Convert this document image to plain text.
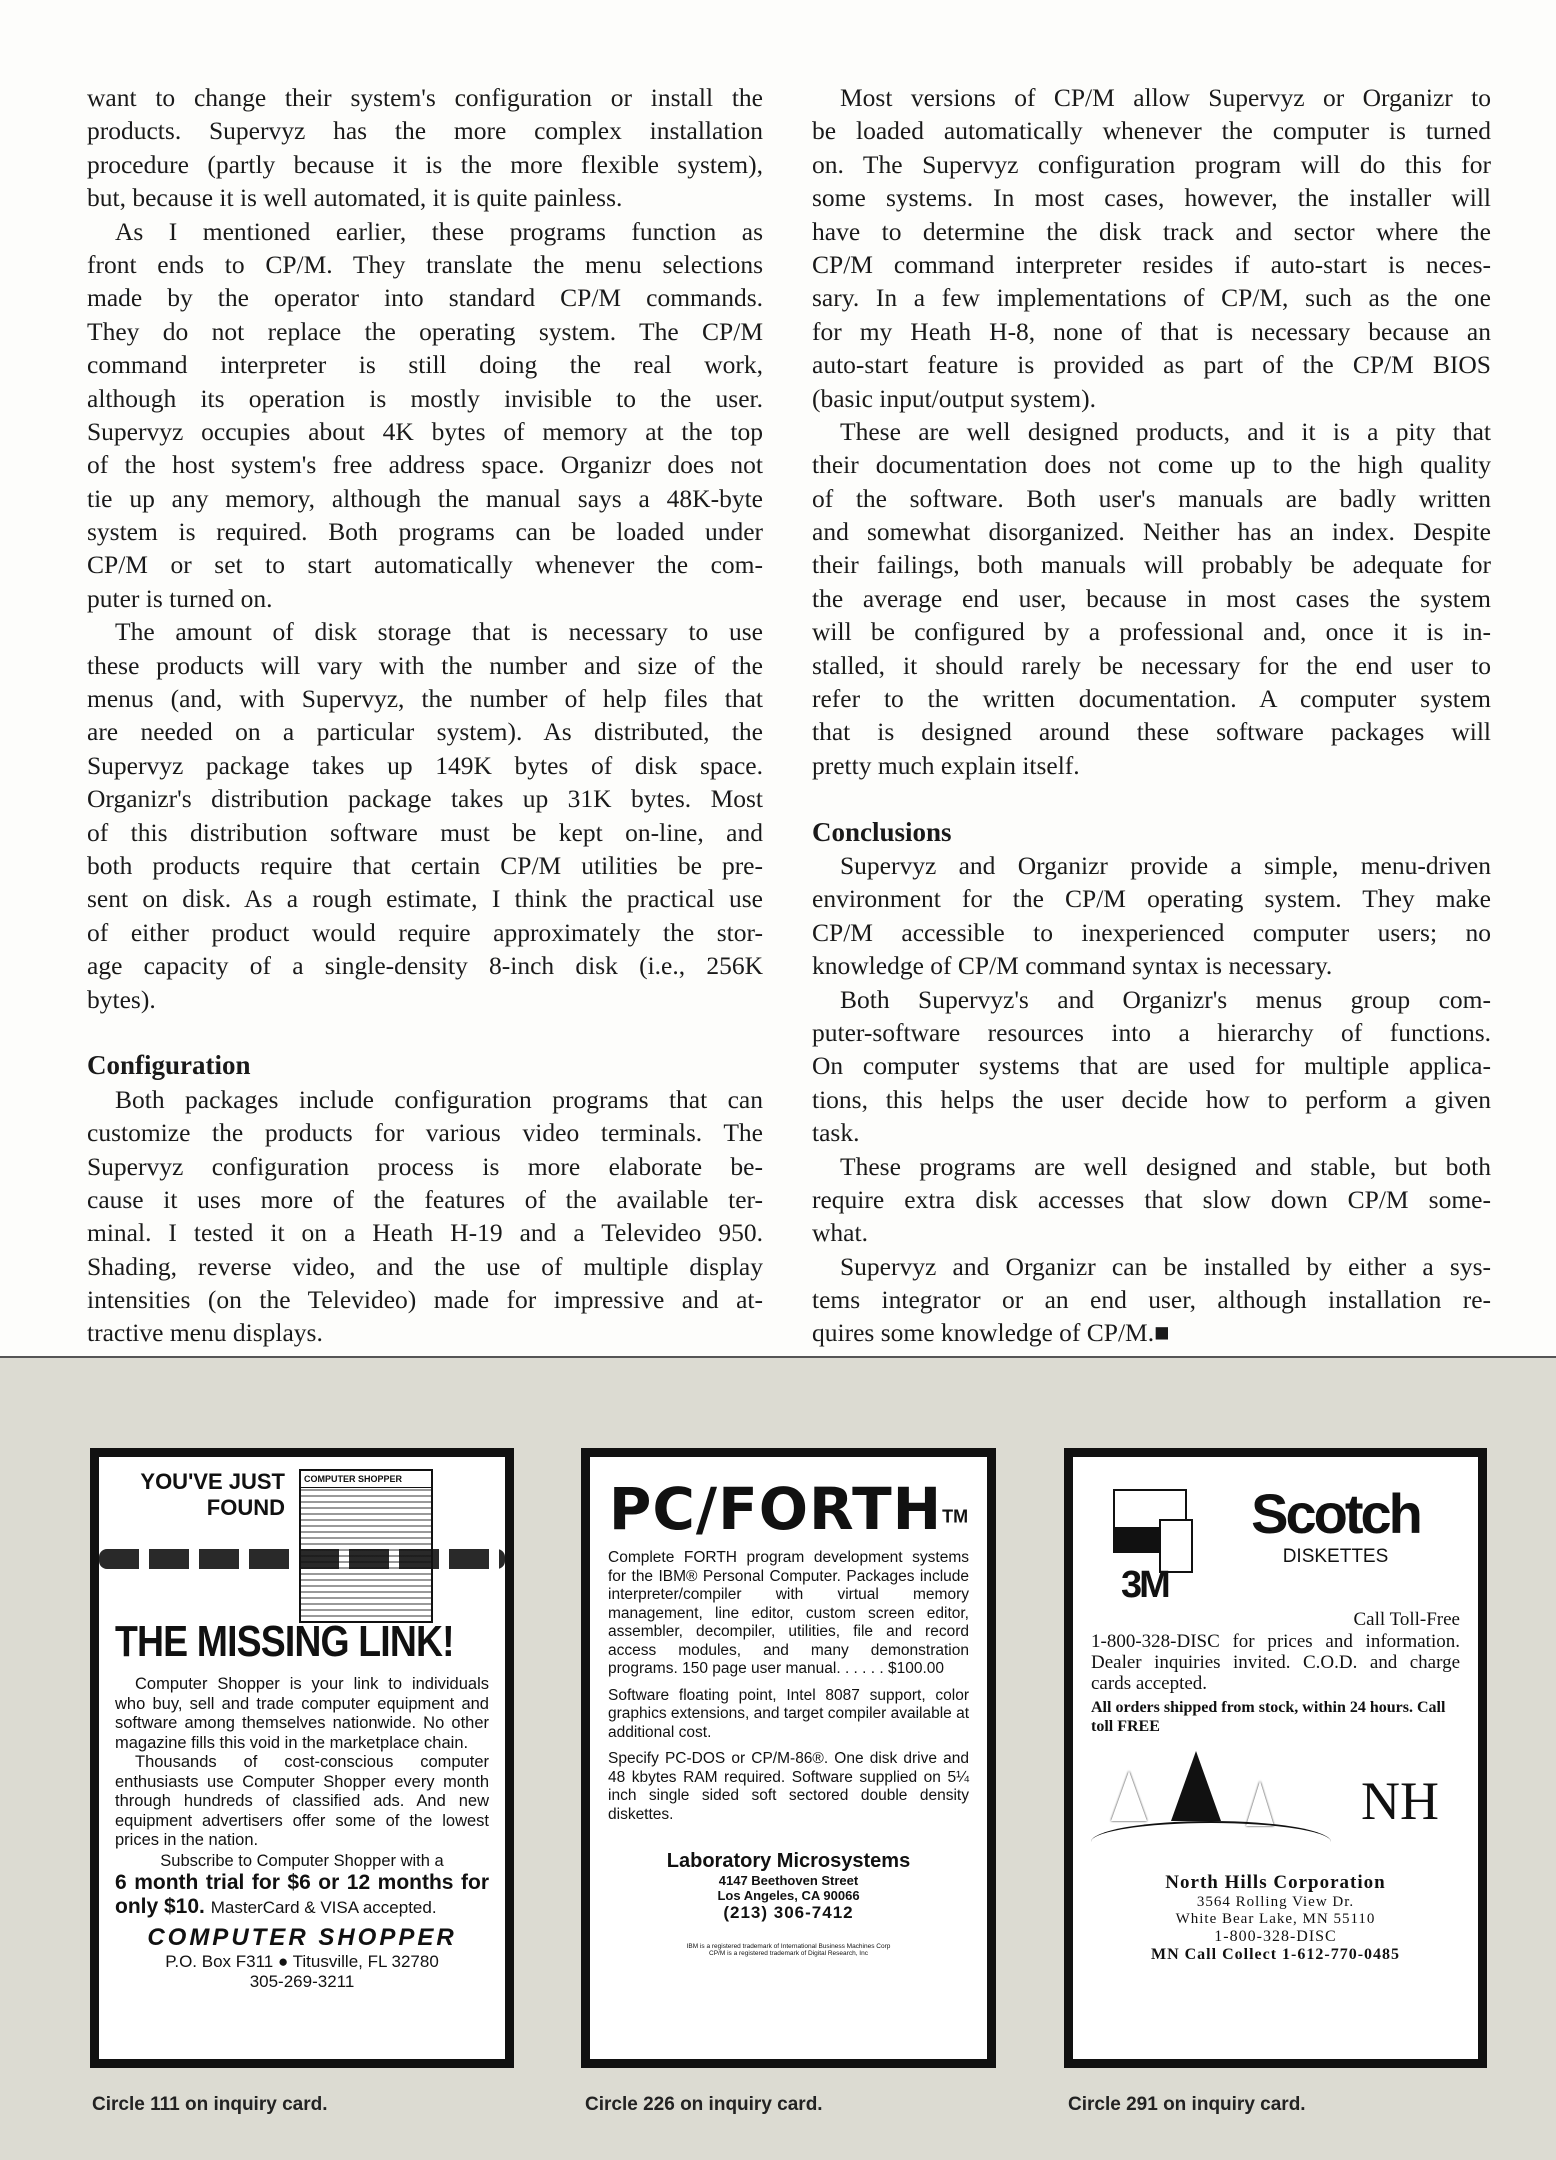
want to change their system's configuration or install the
products. Supervyz has the more complex installation
procedure (partly because it is the more flexible system),
but, because it is well automated, it is quite painless.
As I mentioned earlier, these programs function as
front ends to CP/M. They translate the menu selections
made by the operator into standard CP/M commands.
They do not replace the operating system. The CP/M
command interpreter is still doing the real work,
although its operation is mostly invisible to the user.
Supervyz occupies about 4K bytes of memory at the top
of the host system's free address space. Organizr does not
tie up any memory, although the manual says a 48K-byte
system is required. Both programs can be loaded under
CP/M or set to start automatically whenever the com-
puter is turned on.
The amount of disk storage that is necessary to use
these products will vary with the number and size of the
menus (and, with Supervyz, the number of help files that
are needed on a particular system). As distributed, the
Supervyz package takes up 149K bytes of disk space.
Organizr's distribution package takes up 31K bytes. Most
of this distribution software must be kept on-line, and
both products require that certain CP/M utilities be pre-
sent on disk. As a rough estimate, I think the practical use
of either product would require approximately the stor-
age capacity of a single-density 8-inch disk (i.e., 256K
bytes).
Configuration
Both packages include configuration programs that can
customize the products for various video terminals. The
Supervyz configuration process is more elaborate be-
cause it uses more of the features of the available ter-
minal. I tested it on a Heath H-19 and a Televideo 950.
Shading, reverse video, and the use of multiple display
intensities (on the Televideo) made for impressive and at-
tractive menu displays.
Most versions of CP/M allow Supervyz or Organizr to
be loaded automatically whenever the computer is turned
on. The Supervyz configuration program will do this for
some systems. In most cases, however, the installer will
have to determine the disk track and sector where the
CP/M command interpreter resides if auto-start is neces-
sary. In a few implementations of CP/M, such as the one
for my Heath H-8, none of that is necessary because an
auto-start feature is provided as part of the CP/M BIOS
(basic input/output system).
These are well designed products, and it is a pity that
their documentation does not come up to the high quality
of the software. Both user's manuals are badly written
and somewhat disorganized. Neither has an index. Despite
their failings, both manuals will probably be adequate for
the average end user, because in most cases the system
will be configured by a professional and, once it is in-
stalled, it should rarely be necessary for the end user to
refer to the written documentation. A computer system
that is designed around these software packages will
pretty much explain itself.
Conclusions
Supervyz and Organizr provide a simple, menu-driven
environment for the CP/M operating system. They make
CP/M accessible to inexperienced computer users; no
knowledge of CP/M command syntax is necessary.
Both Supervyz's and Organizr's menus group com-
puter-software resources into a hierarchy of functions.
On computer systems that are used for multiple applica-
tions, this helps the user decide how to perform a given
task.
These programs are well designed and stable, but both
require extra disk accesses that slow down CP/M some-
what.
Supervyz and Organizr can be installed by either a sys-
tems integrator or an end user, although installation re-
quires some knowledge of CP/M.■
YOU'VE JUST FOUND
COMPUTER SHOPPER
THE MISSING LINK!
Computer Shopper is your link to individuals who buy, sell and trade computer equipment and software among themselves nationwide. No other magazine fills this void in the marketplace chain.
Thousands of cost-conscious computer enthusiasts use Computer Shopper every month through hundreds of classified ads. And new equipment advertisers offer some of the lowest prices in the nation.
Subscribe to Computer Shopper with a
6 month trial for $6 or 12 months for only $10. MasterCard & VISA accepted.
COMPUTER SHOPPER
P.O. Box F311 ● Titusville, FL 32780
305-269-3211
Circle 111 on inquiry card.
PC/FORTH™
Complete FORTH program development systems for the IBM® Personal Computer. Packages include interpreter/compiler with virtual memory management, line editor, custom screen editor, assembler, decompiler, utilities, file and record access modules, and many demonstration programs. 150 page user manual. . . . . . $100.00
Software floating point, Intel 8087 support, color graphics extensions, and target compiler available at additional cost.
Specify PC-DOS or CP/M-86®. One disk drive and 48 kbytes RAM required. Software supplied on 5¼ inch single sided soft sectored double density diskettes.
Laboratory Microsystems
4147 Beethoven Street
Los Angeles, CA 90066
(213) 306-7412
IBM is a registered trademark of International Business Machines Corp
CP/M is a registered trademark of Digital Research, Inc
Circle 226 on inquiry card.
3M
Scotch
DISKETTES
Call Toll-Free
1-800-328-DISC for prices and information. Dealer inquiries invited. C.O.D. and charge cards accepted.
All orders shipped from stock, within 24 hours. Call toll FREE
NH
North Hills Corporation
3564 Rolling View Dr.
White Bear Lake, MN 55110
1-800-328-DISC
MN Call Collect 1-612-770-0485
Circle 291 on inquiry card.
